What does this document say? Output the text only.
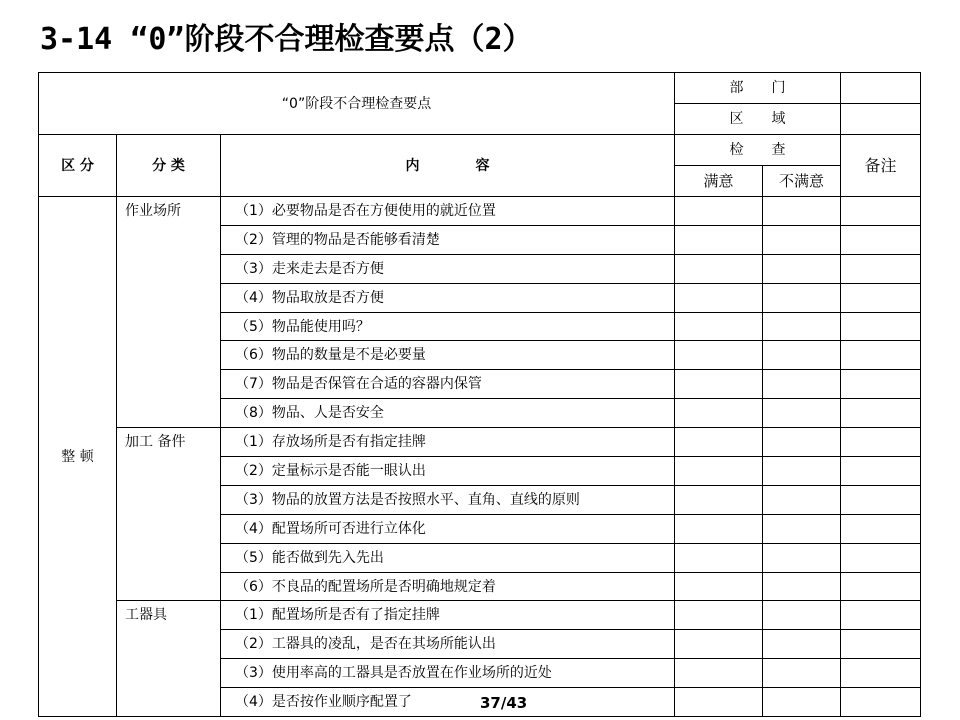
3-14 “0”阶段不合理检查要点（2）
“0”阶段不合理检查要点			部　　门		
			区　　域		
区 分	分 类	内　　　　容	检　　查		备注
			满意	不满意	
整 顿	作业场所	（1）必要物品是否在方便使用的就近位置			
		（2）管理的物品是否能够看清楚			
		（3）走来走去是否方便			
		（4）物品取放是否方便			
		（5）物品能使用吗？			
		（6）物品的数量是不是必要量			
		（7）物品是否保管在合适的容器内保管			
		（8）物品、人是否安全			
	加工 备件	（1）存放场所是否有指定挂牌			
		（2）定量标示是否能一眼认出			
		（3）物品的放置方法是否按照水平、直角、直线的原则			
		（4）配置场所可否进行立体化			
		（5）能否做到先入先出			
		（6）不良品的配置场所是否明确地规定着			
	工器具	（1）配置场所是否有了指定挂牌			
		（2）工器具的凌乱，是否在其场所能认出			
		（3）使用率高的工器具是否放置在作业场所的近处			
		（4）是否按作业顺序配置了				37/43
